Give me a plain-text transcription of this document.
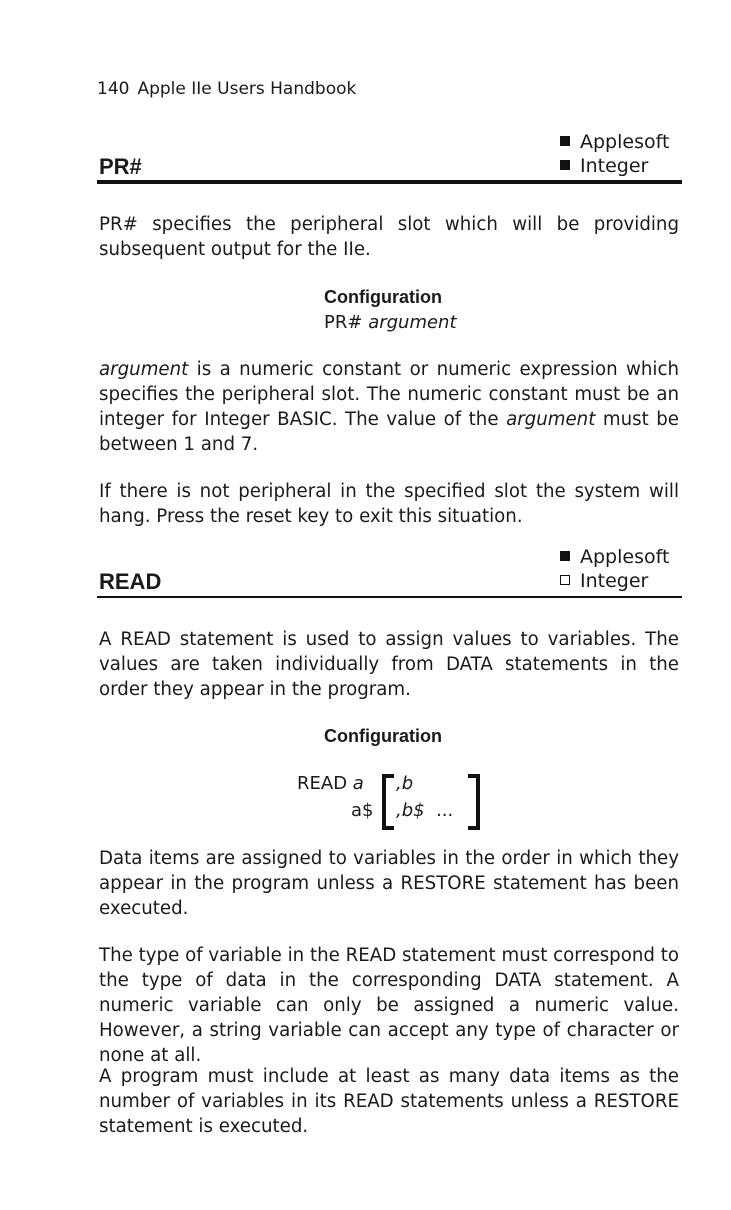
140 Apple IIe Users Handbook
Applesoft
Integer
PR#

PR# specifies the peripheral slot which will be providing subsequent output for the IIe.

Configuration
PR# argument

argument is a numeric constant or numeric expression which specifies the peripheral slot. The numeric constant must be an integer for Integer BASIC. The value of the argument must be between 1 and 7.

If there is not peripheral in the specified slot the system will hang. Press the reset key to exit this situation.

Applesoft
Integer
READ

A READ statement is used to assign values to variables. The values are taken individually from DATA statements in the order they appear in the program.

Configuration
READ a
a$
,b
,b$ ...

Data items are assigned to variables in the order in which they appear in the program unless a RESTORE statement has been executed.

The type of variable in the READ statement must correspond to the type of data in the corresponding DATA statement. A numeric variable can only be assigned a numeric value. However, a string variable can accept any type of character or none at all.

A program must include at least as many data items as the number of variables in its READ statements unless a RESTORE statement is executed.
